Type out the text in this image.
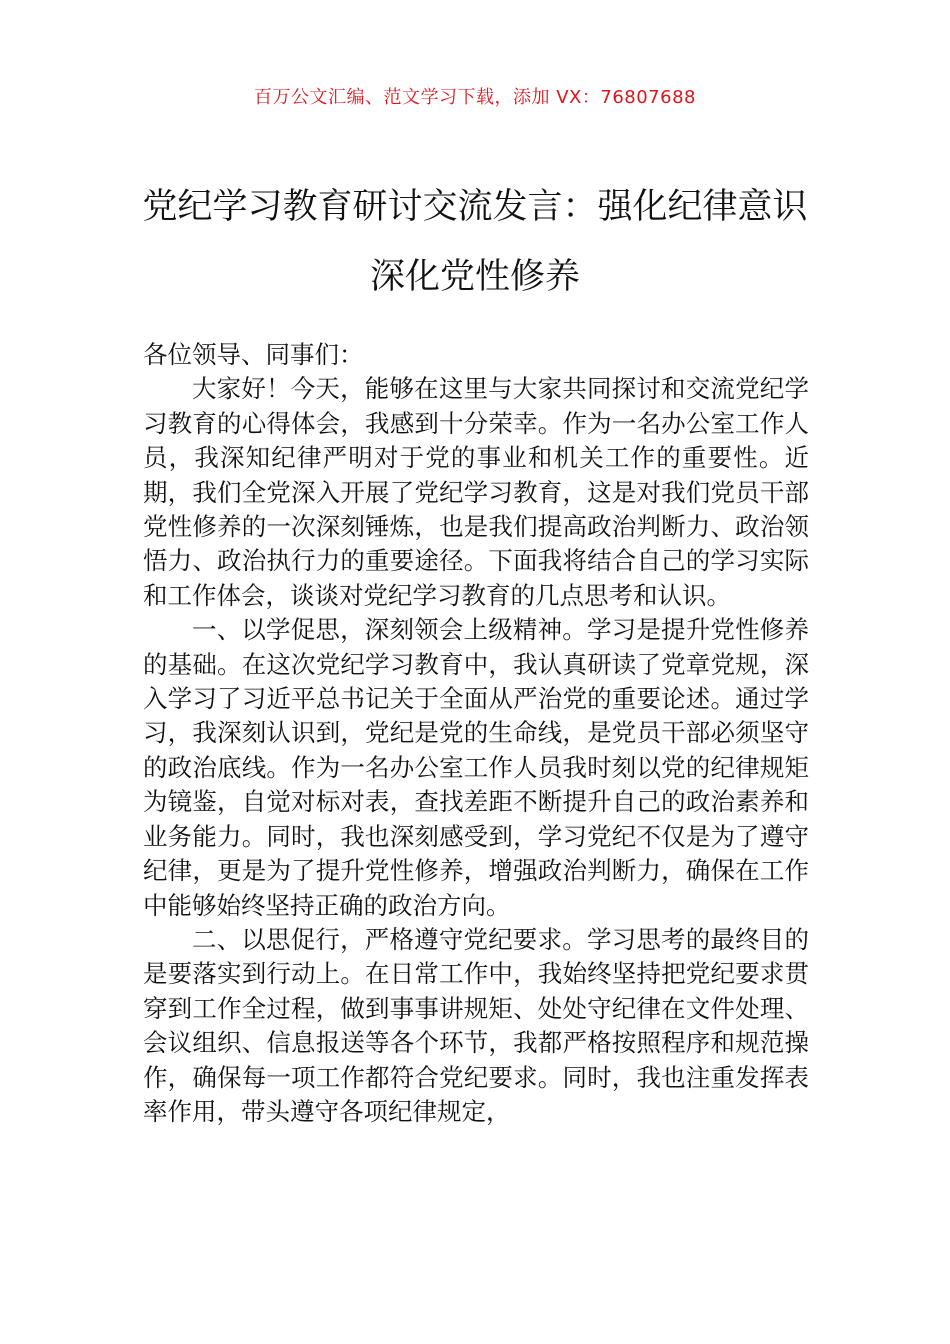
百万公文汇编、范文学习下载，添加 VX：76807688
党纪学习教育研讨交流发言：强化纪律意识 深化党性修养

各位领导、同事们：

大家好！今天，能够在这里与大家共同探讨和交流党纪学习教育的心得体会，我感到十分荣幸。作为一名办公室工作人员，我深知纪律严明对于党的事业和机关工作的重要性。近期，我们全党深入开展了党纪学习教育，这是对我们党员干部党性修养的一次深刻锤炼，也是我们提高政治判断力、政治领悟力、政治执行力的重要途径。下面我将结合自己的学习实际和工作体会，谈谈对党纪学习教育的几点思考和认识。

一、以学促思，深刻领会上级精神。学习是提升党性修养的基础。在这次党纪学习教育中，我认真研读了党章党规，深入学习了习近平总书记关于全面从严治党的重要论述。通过学习，我深刻认识到，党纪是党的生命线，是党员干部必须坚守的政治底线。作为一名办公室工作人员我时刻以党的纪律规矩为镜鉴，自觉对标对表，查找差距不断提升自己的政治素养和业务能力。同时，我也深刻感受到，学习党纪不仅是为了遵守纪律，更是为了提升党性修养，增强政治判断力，确保在工作中能够始终坚持正确的政治方向。

二、以思促行，严格遵守党纪要求。学习思考的最终目的是要落实到行动上。在日常工作中，我始终坚持把党纪要求贯穿到工作全过程，做到事事讲规矩、处处守纪律在文件处理、会议组织、信息报送等各个环节，我都严格按照程序和规范操作，确保每一项工作都符合党纪要求。同时，我也注重发挥表率作用，带头遵守各项纪律规定，
